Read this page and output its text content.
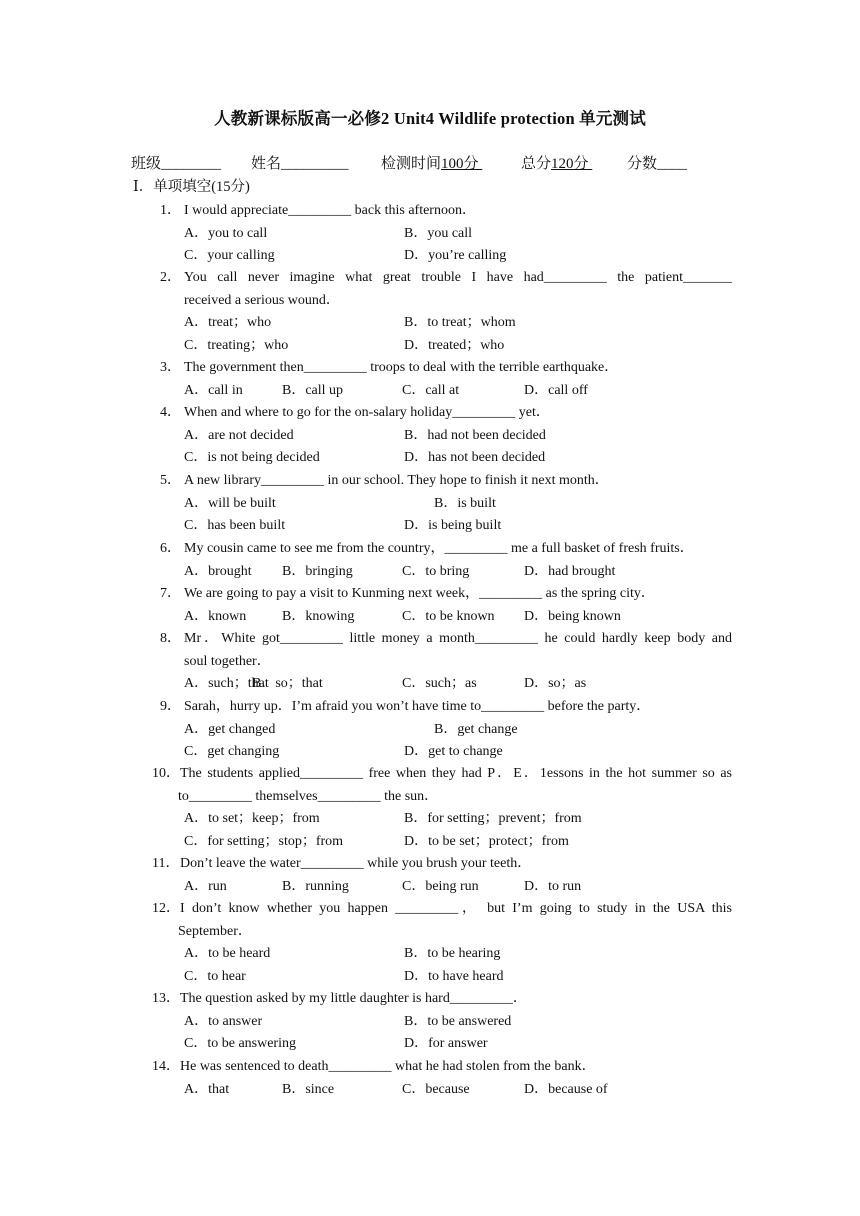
人教新课标版高一必修2 Unit4 Wildlife protection 单元测试
班级________ 姓名_________ 检测时间100分	总分120分 分数____
Ⅰ．单项填空(15分)
1． I would appreciate_________ back this afternoon．
A．you to call	B．you call
C．your calling	D．you’re calling
2． You call never imagine what great trouble I have had_________ the patient_______
received a serious wound．
A．treat；who	B．to treat；whom
C．treating；who	D．treated；who
3． The government then_________ troops to deal with the terrible earthquake．
A．call in	B．call up	C．call at	D．call off
4． When and where to go for the on-salary holiday_________ yet．
A．are not decided	B．had not been decided
C．is not being decided	D．has not been decided
5． A new library_________ in our school. They hope to finish it next month．
A．will be built	B．is built
C．has been built	D．is being built
6． My cousin came to see me from the country，_________ me a full basket of fresh fruits．
A．brought B．bringing	C．to bring	D．had brought
7． We are going to pay a visit to Kunming next week，_________ as the spring city．
A．known	B．knowing	C．to be known D．being known
8． Mr．White got_________ little money a month_________ he could hardly keep body and
soul together．
A．such；that
B．so；that	C．such；as	D．so；as
9． Sarah，hurry up．I’m afraid you won’t have time to_________ before the party．
A．get changed	B．get change
C．get changing	D．get to change
10． The students applied_________ free when they had P．E．1essons in the hot summer so as
to_________ themselves_________ the sun．
A．to set；keep；from	B．for setting；prevent；from
C．for setting；stop；from	D．to be set；protect；from
11． Don’t leave the water_________ while you brush your teeth．
A．run	B．running	C．being run	D．to run
12． I don’t know whether you happen _________， but I’m going to study in the USA this
September．
A．to be heard	B．to be hearing
C．to hear	D．to have heard
13． The question asked by my little daughter is hard_________．
A．to answer	B．to be answered
C．to be answering	D．for answer
14． He was sentenced to death_________ what he had stolen from the bank．
A．that	B．since	C．because	D．because of
